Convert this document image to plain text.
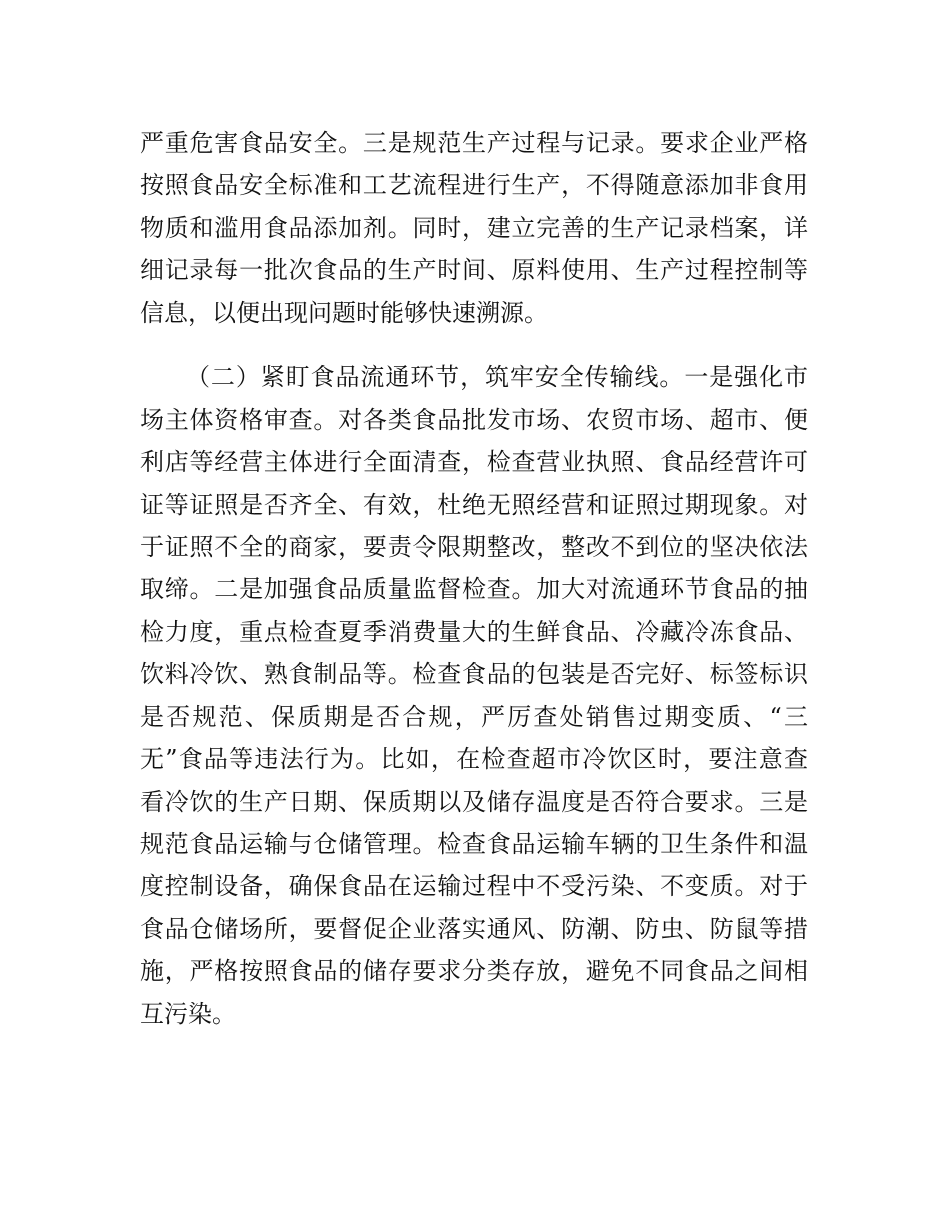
严重危害食品安全。三是规范生产过程与记录。要求企业严格
按照食品安全标准和工艺流程进行生产，不得随意添加非食用
物质和滥用食品添加剂。同时，建立完善的生产记录档案，详
细记录每一批次食品的生产时间、原料使用、生产过程控制等
信息，以便出现问题时能够快速溯源。
（二）紧盯食品流通环节，筑牢安全传输线。一是强化市
场主体资格审查。对各类食品批发市场、农贸市场、超市、便
利店等经营主体进行全面清查，检查营业执照、食品经营许可
证等证照是否齐全、有效，杜绝无照经营和证照过期现象。对
于证照不全的商家，要责令限期整改，整改不到位的坚决依法
取缔。二是加强食品质量监督检查。加大对流通环节食品的抽
检力度，重点检查夏季消费量大的生鲜食品、冷藏冷冻食品、
饮料冷饮、熟食制品等。检查食品的包装是否完好、标签标识
是否规范、保质期是否合规，严厉查处销售过期变质、“三
无”食品等违法行为。比如，在检查超市冷饮区时，要注意查
看冷饮的生产日期、保质期以及储存温度是否符合要求。三是
规范食品运输与仓储管理。检查食品运输车辆的卫生条件和温
度控制设备，确保食品在运输过程中不受污染、不变质。对于
食品仓储场所，要督促企业落实通风、防潮、防虫、防鼠等措
施，严格按照食品的储存要求分类存放，避免不同食品之间相
互污染。
